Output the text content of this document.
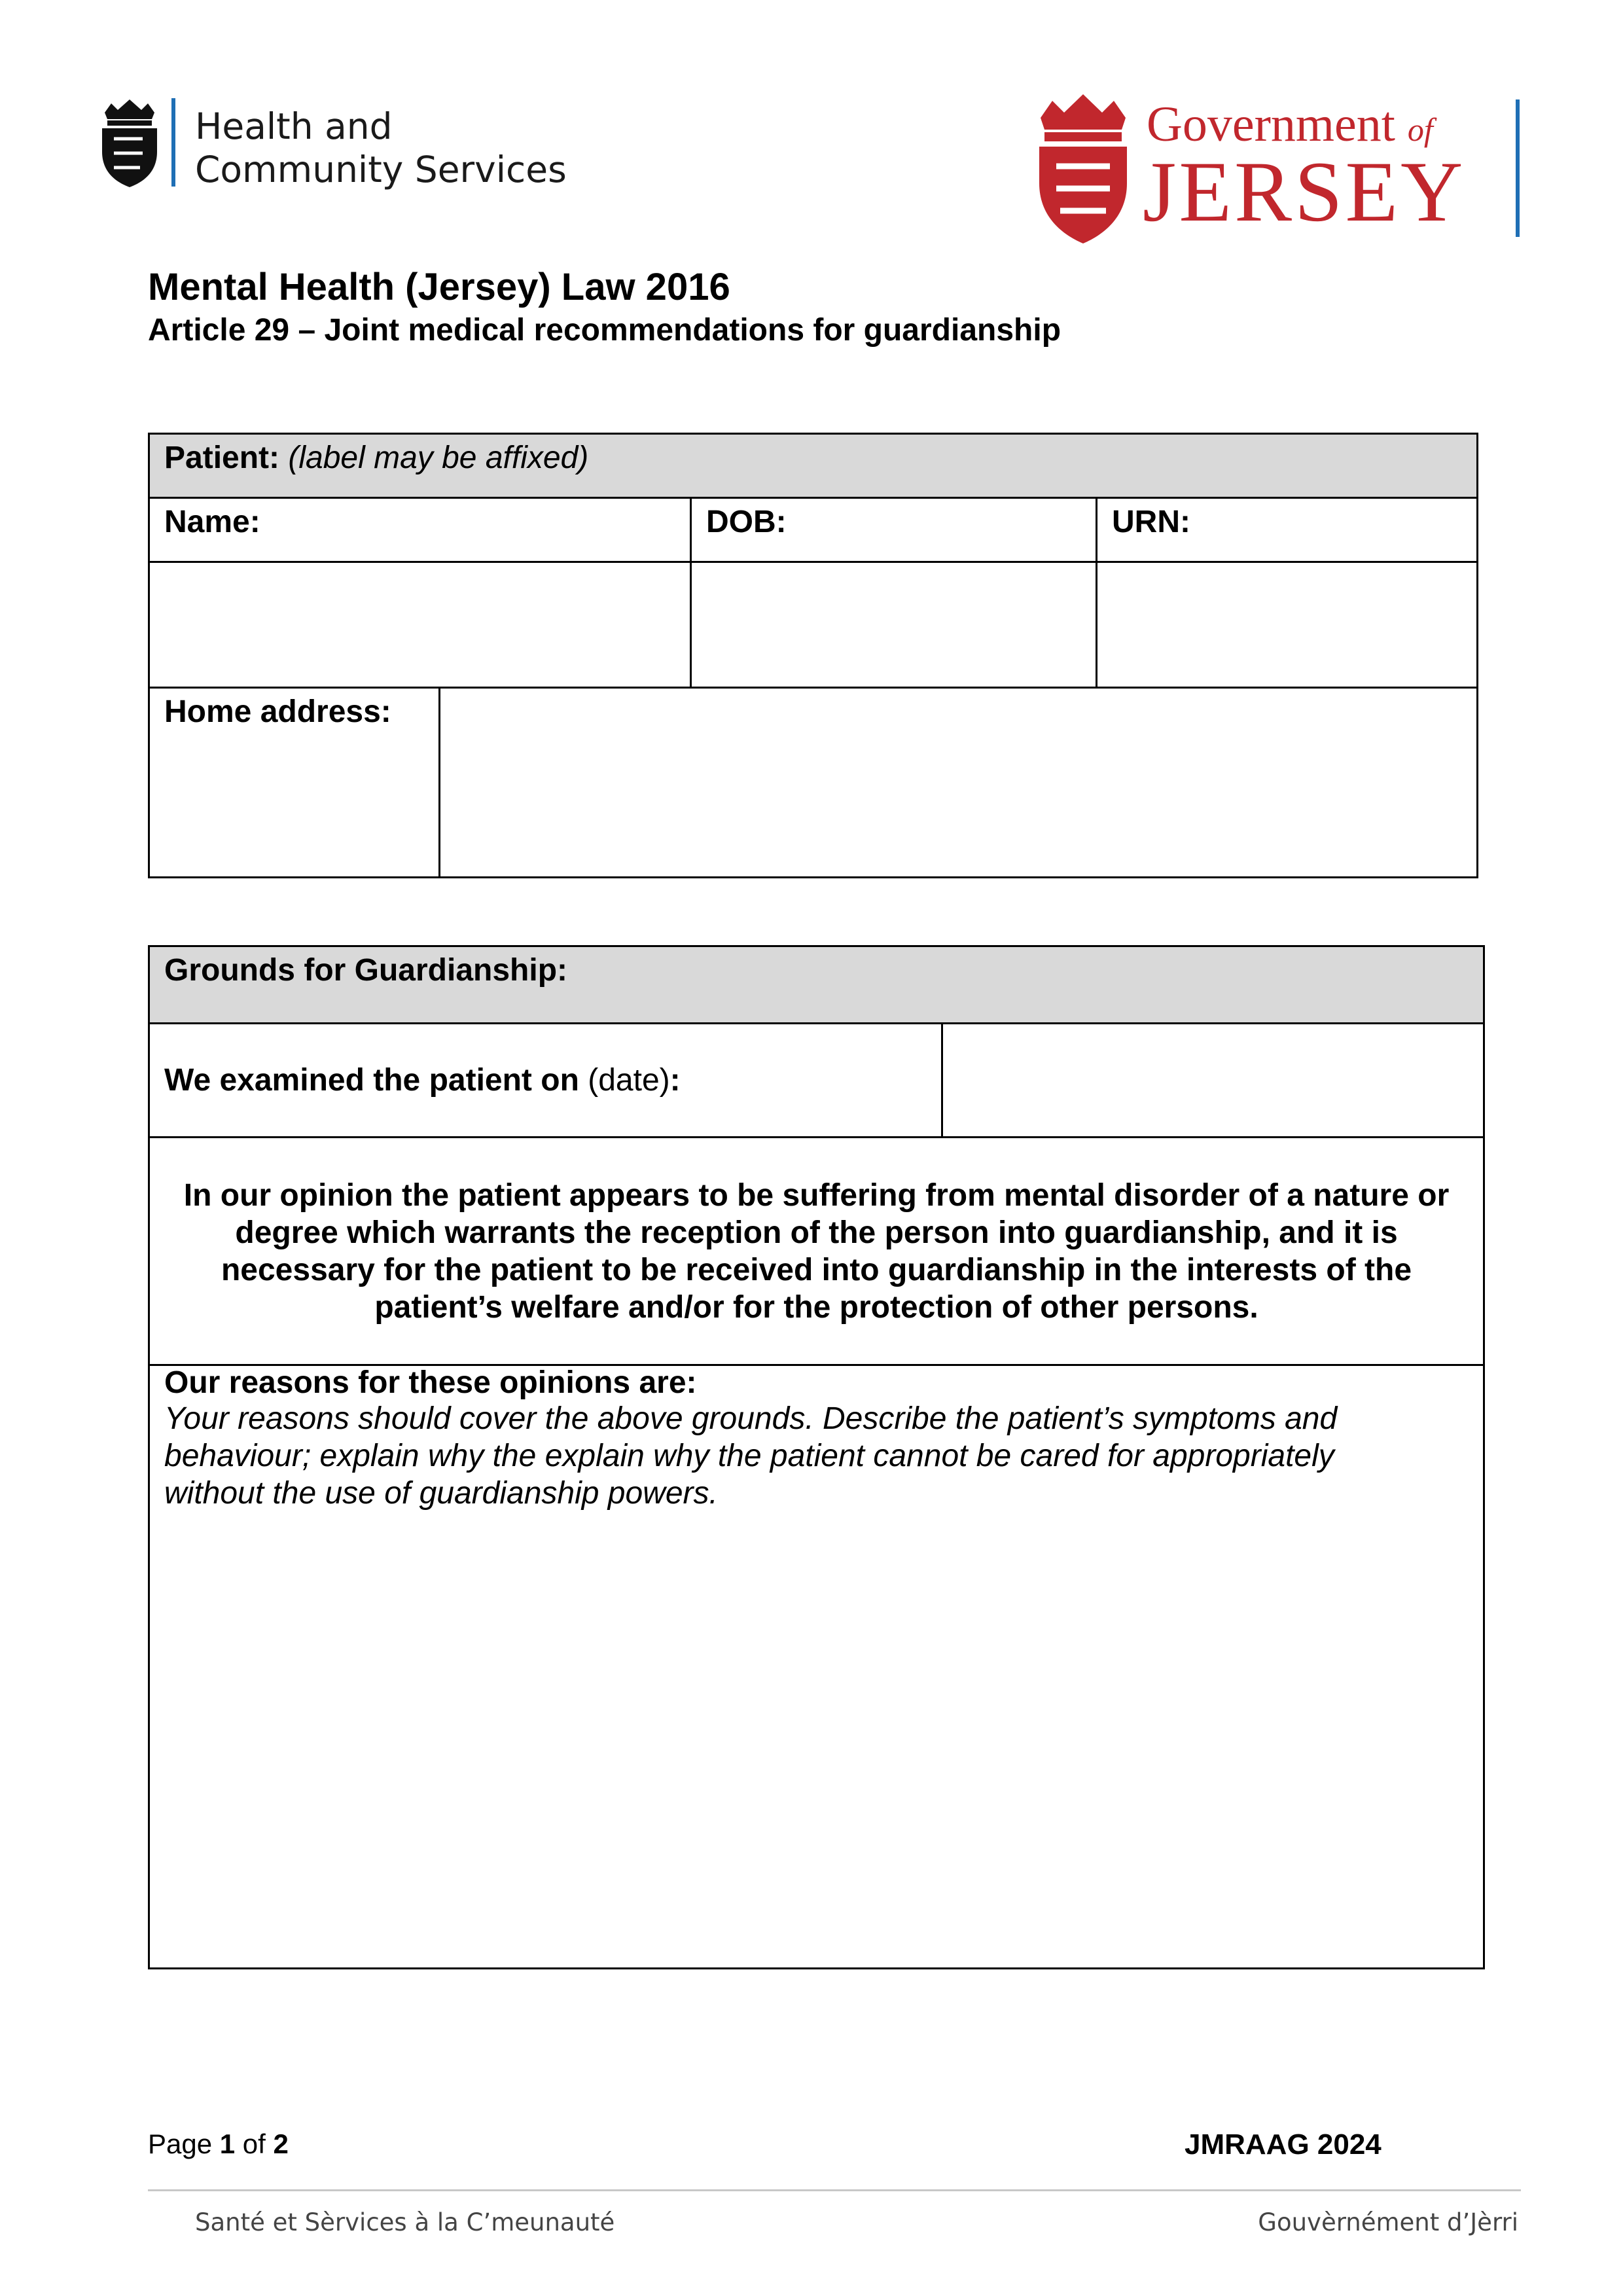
Health and
Community Services
Government of
JERSEY
Mental Health (Jersey) Law 2016
Article 29 – Joint medical recommendations for guardianship
Patient: (label may be affixed)			
Name:		DOB:	URN:

Home address:			
Grounds for Guardianship:
We examined the patient on (date):	
In our opinion the patient appears to be suffering from mental disorder of a nature or degree which warrants the reception of the person into guardianship, and it is necessary for the patient to be received into guardianship in the interests of the patient’s welfare and/or for the protection of other persons.

Our reasons for these opinions are:
Your reasons should cover the above grounds. Describe the patient’s symptoms and behaviour; explain why the explain why the patient cannot be cared for appropriately without the use of guardianship powers.
Page 1 of 2	JMRAAG 2024
Santé et Sèrvices à la C’meunauté	Gouvèrnément d’Jèrri
